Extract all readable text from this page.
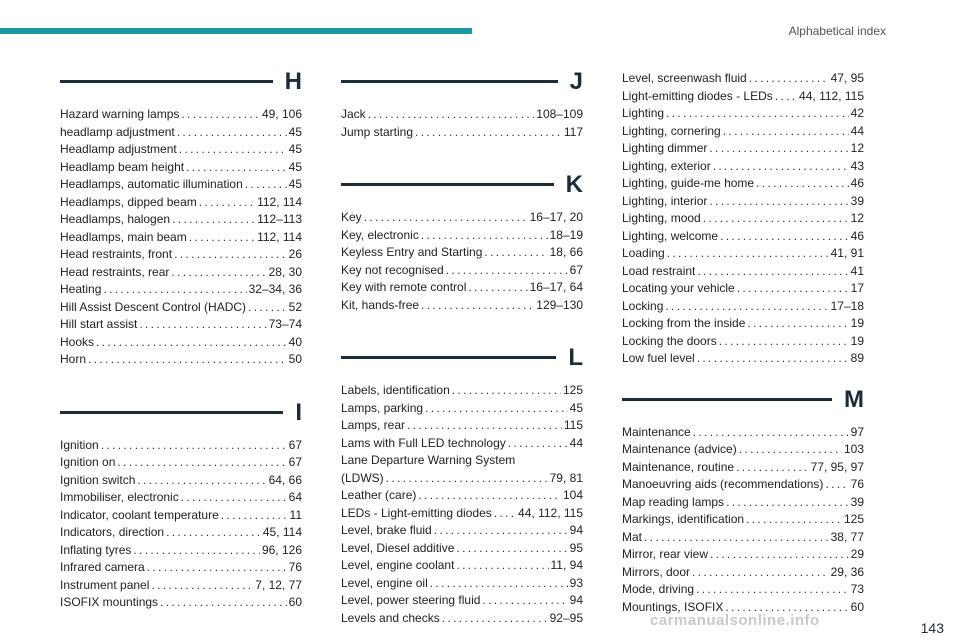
Alphabetical index
H
Hazard warning lamps . . .	49, 106
headlamp adjustment . . .	45
Headlamp adjustment . . .	45
Headlamp beam height . . .	45
Headlamps, automatic illumination . . .	45
Headlamps, dipped beam . . .	112, 114
Headlamps, halogen . . .	112–113
Headlamps, main beam . . .	112, 114
Head restraints, front . . .	26
Head restraints, rear . . .	28, 30
Heating . . .	32–34, 36
Hill Assist Descent Control (HADC) . . .	52
Hill start assist . . .	73–74
Hooks . . .	40
Horn . . .	50
I
Ignition . . .	67
Ignition on . . .	67
Ignition switch . . .	64, 66
Immobiliser, electronic . . .	64
Indicator, coolant temperature . . .	11
Indicators, direction . . .	45, 114
Inflating tyres . . .	96, 126
Infrared camera . . .	76
Instrument panel . . .	7, 12, 77
ISOFIX mountings . . .	60
J
Jack . . .	108–109
Jump starting . . .	117
K
Key . . .	16–17, 20
Key, electronic . . .	18–19
Keyless Entry and Starting . . .	18, 66
Key not recognised . . .	67
Key with remote control . . .	16–17, 64
Kit, hands-free . . .	129–130
L
Labels, identification . . .	125
Lamps, parking . . .	45
Lamps, rear . . .	115
Lams with Full LED technology . . .	44
Lane Departure Warning System
(LDWS) . . .	79, 81
Leather (care) . . .	104
LEDs - Light-emitting diodes . . . 44, 112, 115
Level, brake fluid . . .	94
Level, Diesel additive . . .	95
Level, engine coolant . . .	11, 94
Level, engine oil . . .	93
Level, power steering fluid . . .	94
Levels and checks . . .	92–95
Level, screenwash fluid . . .	47, 95
Light-emitting diodes - LEDs . . . 44, 112, 115
Lighting . . .	42
Lighting, cornering . . .	44
Lighting dimmer . . .	12
Lighting, exterior . . .	43
Lighting, guide-me home . . .	46
Lighting, interior . . .	39
Lighting, mood . . .	12
Lighting, welcome . . .	46
Loading . . .	41, 91
Load restraint . . .	41
Locating your vehicle . . .	17
Locking . . .	17–18
Locking from the inside . . .	19
Locking the doors . . .	19
Low fuel level . . .	89
M
Maintenance . . .	97
Maintenance (advice) . . .	103
Maintenance, routine . . .	77, 95, 97
Manoeuvring aids (recommendations) . . . 76
Map reading lamps . . .	39
Markings, identification . . .	125
Mat . . .	38, 77
Mirror, rear view . . .	29
Mirrors, door . . .	29, 36
Mode, driving . . .	73
Mountings, ISOFIX . . .	60
carmanualsonline.info	143
